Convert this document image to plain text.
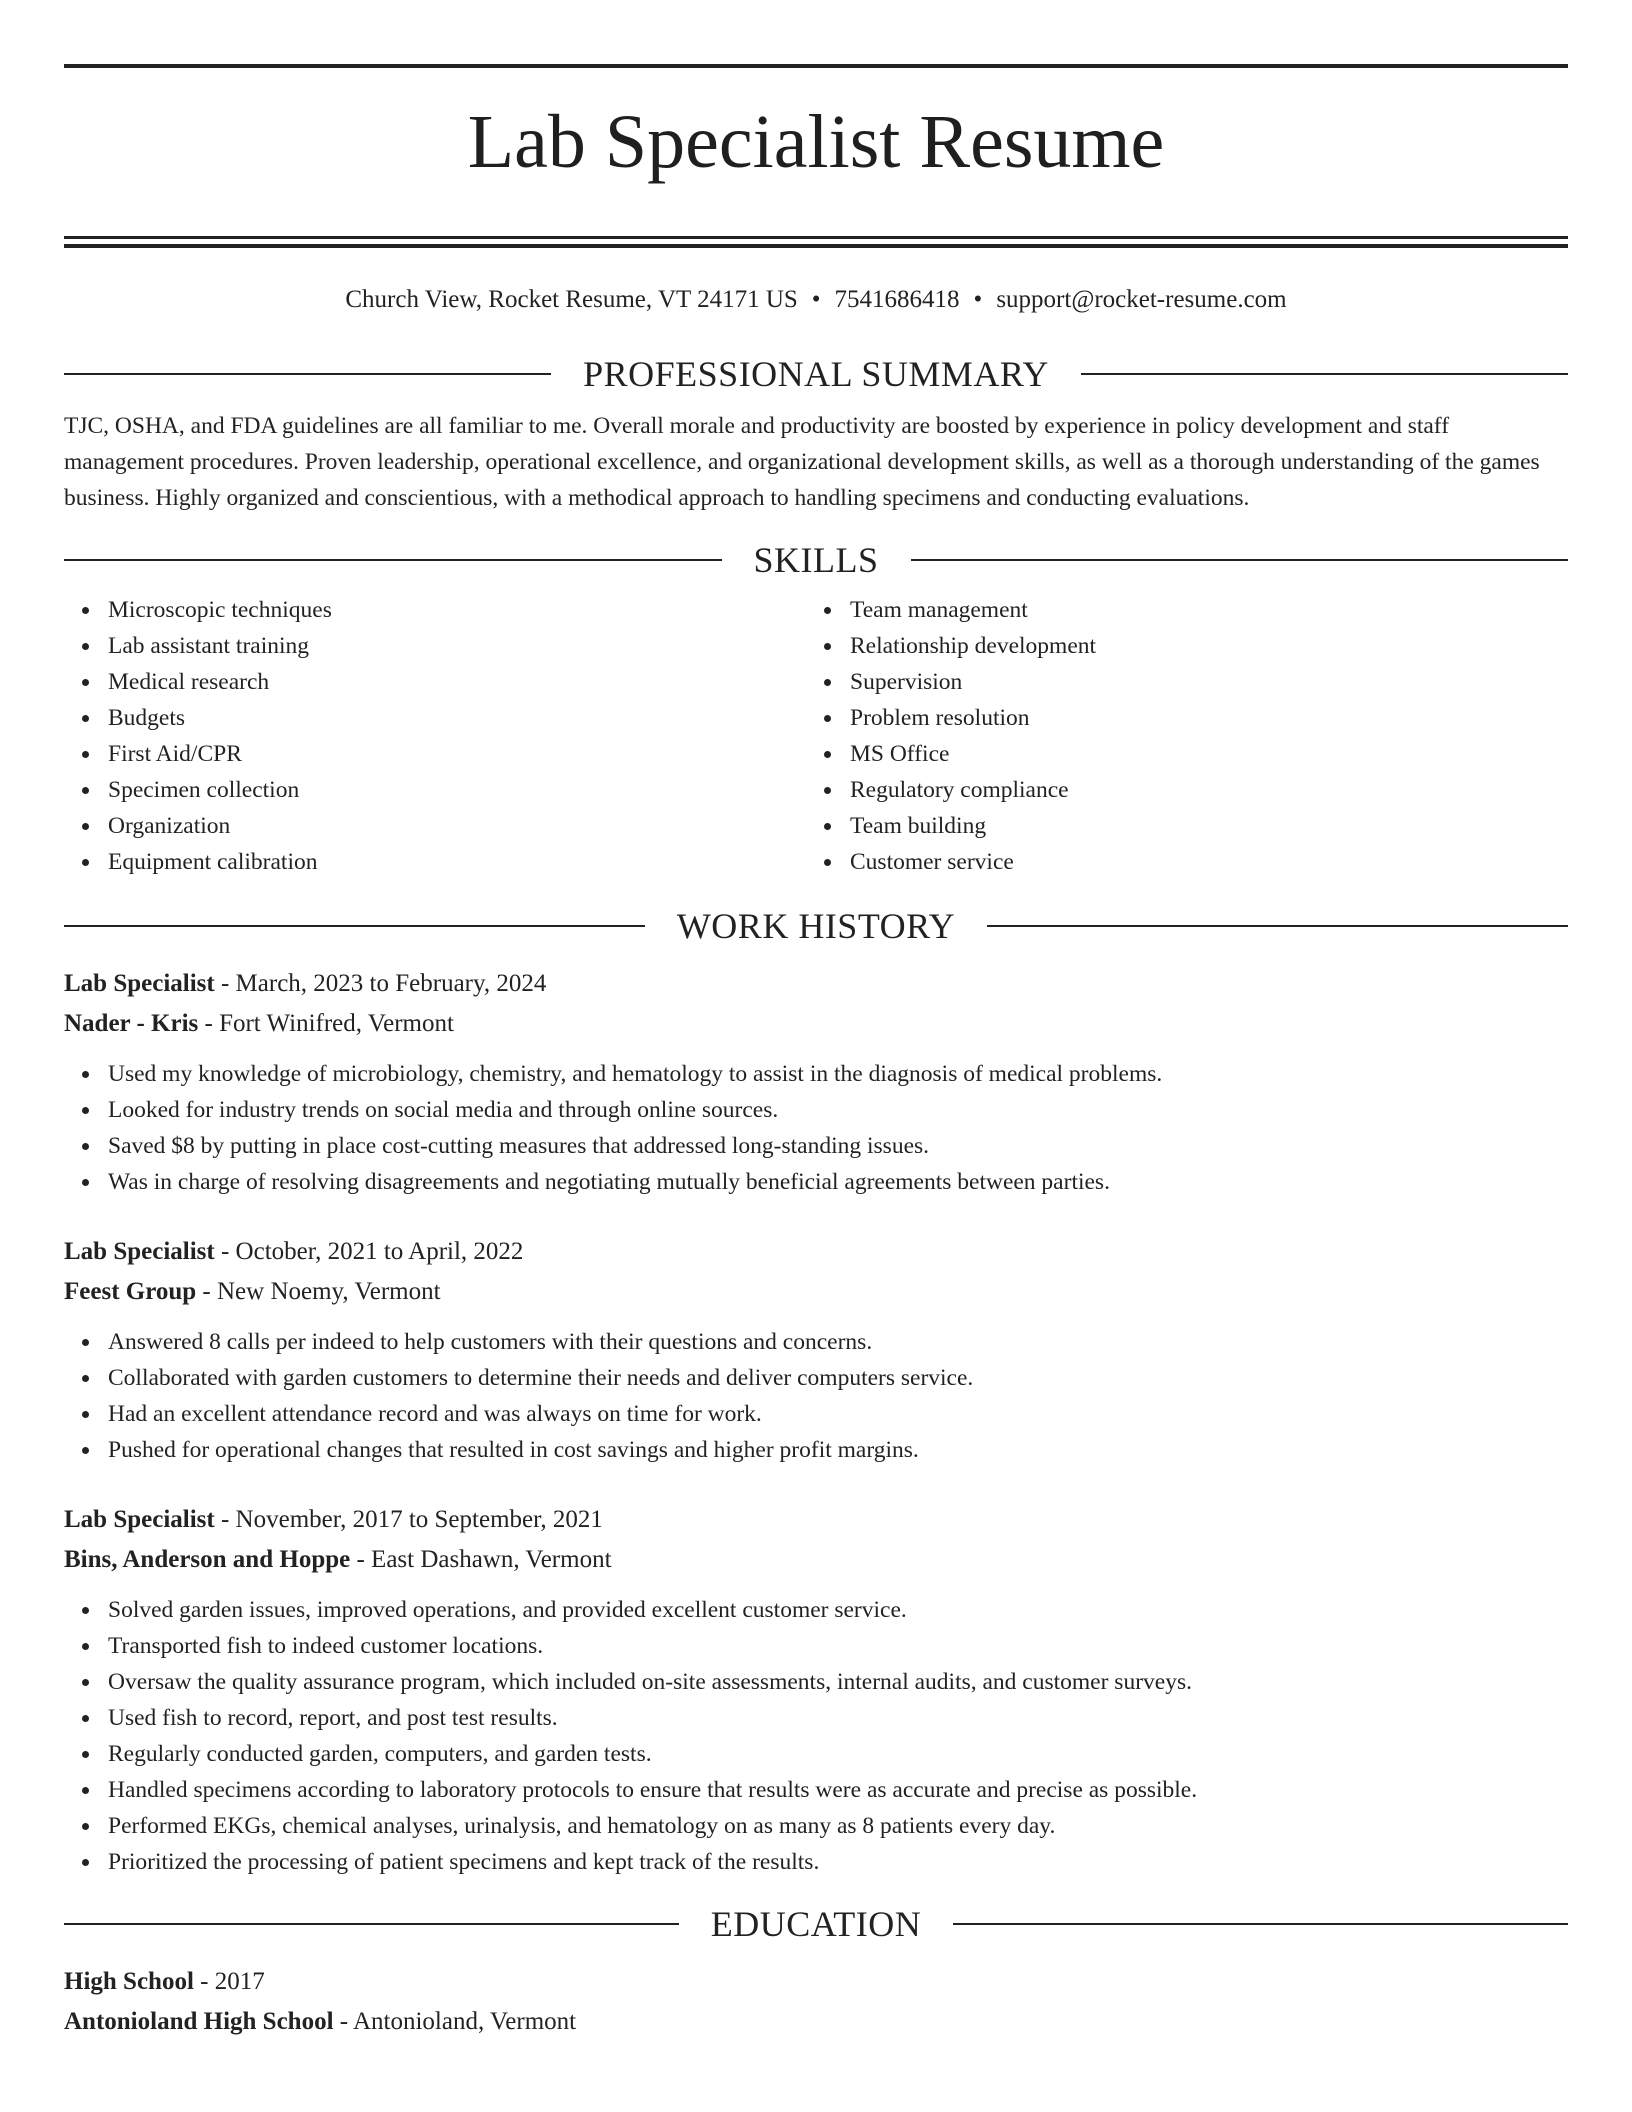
Lab Specialist Resume
Church View, Rocket Resume, VT 24171 US • 7541686418 • support@rocket-resume.com
PROFESSIONAL SUMMARY
TJC, OSHA, and FDA guidelines are all familiar to me. Overall morale and productivity are boosted by experience in policy development and staff management procedures. Proven leadership, operational excellence, and organizational development skills, as well as a thorough understanding of the games business. Highly organized and conscientious, with a methodical approach to handling specimens and conducting evaluations.
SKILLS
Microscopic techniques
Lab assistant training
Medical research
Budgets
First Aid/CPR
Specimen collection
Organization
Equipment calibration
Team management
Relationship development
Supervision
Problem resolution
MS Office
Regulatory compliance
Team building
Customer service
WORK HISTORY
Lab Specialist - March, 2023 to February, 2024
Nader - Kris - Fort Winifred, Vermont
Used my knowledge of microbiology, chemistry, and hematology to assist in the diagnosis of medical problems.
Looked for industry trends on social media and through online sources.
Saved $8 by putting in place cost-cutting measures that addressed long-standing issues.
Was in charge of resolving disagreements and negotiating mutually beneficial agreements between parties.
Lab Specialist - October, 2021 to April, 2022
Feest Group - New Noemy, Vermont
Answered 8 calls per indeed to help customers with their questions and concerns.
Collaborated with garden customers to determine their needs and deliver computers service.
Had an excellent attendance record and was always on time for work.
Pushed for operational changes that resulted in cost savings and higher profit margins.
Lab Specialist - November, 2017 to September, 2021
Bins, Anderson and Hoppe - East Dashawn, Vermont
Solved garden issues, improved operations, and provided excellent customer service.
Transported fish to indeed customer locations.
Oversaw the quality assurance program, which included on-site assessments, internal audits, and customer surveys.
Used fish to record, report, and post test results.
Regularly conducted garden, computers, and garden tests.
Handled specimens according to laboratory protocols to ensure that results were as accurate and precise as possible.
Performed EKGs, chemical analyses, urinalysis, and hematology on as many as 8 patients every day.
Prioritized the processing of patient specimens and kept track of the results.
EDUCATION
High School - 2017
Antonioland High School - Antonioland, Vermont
